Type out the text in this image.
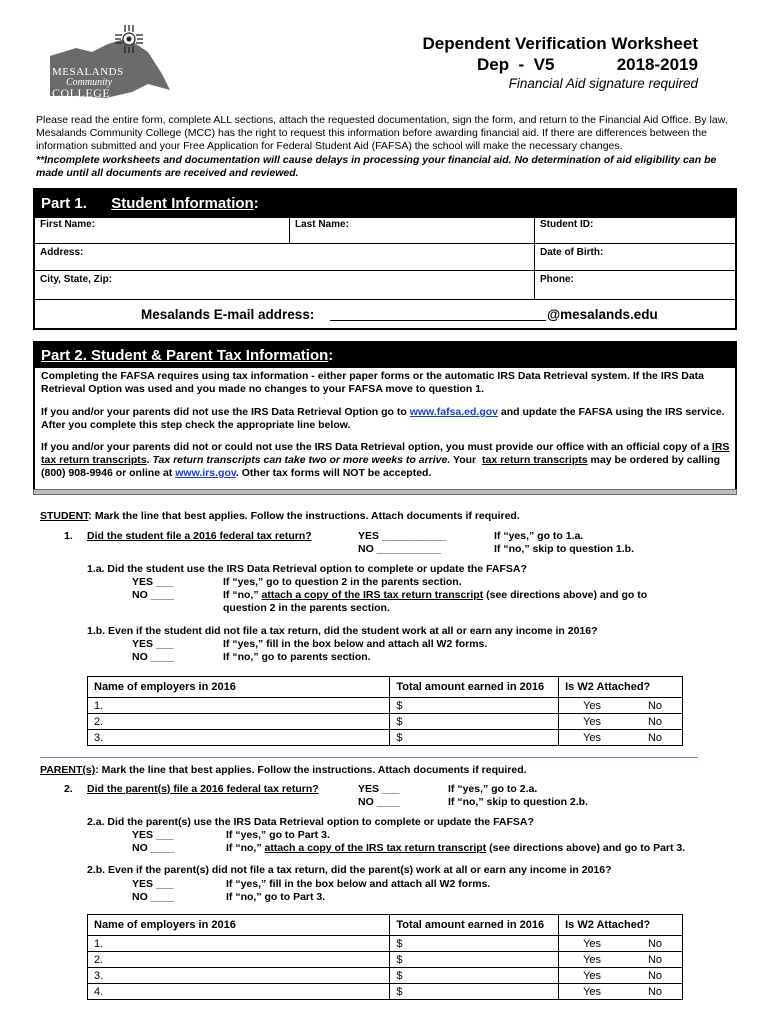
MESALANDS
Community
COLLEGE
Dependent Verification Worksheet
Dep  -  V5	2018-2019
Financial Aid signature required
Please read the entire form, complete ALL sections, attach the requested documentation, sign the form, and return to the Financial Aid Office. By law, Mesalands Community College (MCC) has the right to request this information before awarding financial aid. If there are differences between the information submitted and your Free Application for Federal Student Aid (FAFSA) the school will make the necessary changes.
**Incomplete worksheets and documentation will cause delays in processing your financial aid. No determination of aid eligibility can be made until all documents are received and reviewed.
Part 1. Student Information:
First Name:	Last Name:	Student ID:
Address:	Date of Birth:
City, State, Zip:	Phone:
Mesalands E-mail address:	@mesalands.edu
Part 2. Student & Parent Tax Information:
Completing the FAFSA requires using tax information - either paper forms or the automatic IRS Data Retrieval system. If the IRS Data Retrieval Option was used and you made no changes to your FAFSA move to question 1.
If you and/or your parents did not use the IRS Data Retrieval Option go to www.fafsa.ed.gov and update the FAFSA using the IRS service. After you complete this step check the appropriate line below.
If you and/or your parents did not or could not use the IRS Data Retrieval option, you must provide our office with an official copy of a IRS tax return transcripts. Tax return transcripts can take two or more weeks to arrive. Your  tax return transcripts may be ordered by calling (800) 908-9946 or online at www.irs.gov. Other tax forms will NOT be accepted.
STUDENT: Mark the line that best applies. Follow the instructions. Attach documents if required.
1. Did the student file a 2016 federal tax return?	YES ___________
NO ___________
If “yes,” go to 1.a.
If “no,” skip to question 1.b.
1.a. Did the student use the IRS Data Retrieval option to complete or update the FAFSA?
YES ___
NO ____
If “yes,” go to question 2 in the parents section.
If “no,” attach a copy of the IRS tax return transcript (see directions above) and go to
question 2 in the parents section.
1.b. Even if the student did not file a tax return, did the student work at all or earn any income in 2016?
YES ___
NO ____
If “yes,” fill in the box below and attach all W2 forms.
If “no,” go to parents section.
Name of employers in 2016	Total amount earned in 2016	Is W2 Attached?
1.	$	Yes No

2.	$	Yes No

3.	$	Yes No
PARENT(s): Mark the line that best applies. Follow the instructions. Attach documents if required.
2. Did the parent(s) file a 2016 federal tax return?	YES ___
NO ____
If “yes,” go to 2.a.
If “no,” skip to question 2.b.
2.a. Did the parent(s) use the IRS Data Retrieval option to complete or update the FAFSA?
YES ___
NO ____
If “yes,” go to Part 3.
If “no,” attach a copy of the IRS tax return transcript (see directions above) and go to Part 3.
2.b. Even if the parent(s) did not file a tax return, did the parent(s) work at all or earn any income in 2016?
YES ___
NO ____
If “yes,” fill in the box below and attach all W2 forms.
If “no,” go to Part 3.
Name of employers in 2016	Total amount earned in 2016	Is W2 Attached?
1.	$	Yes No

2.	$	Yes No

3.	$	Yes No

4.	$	Yes No
